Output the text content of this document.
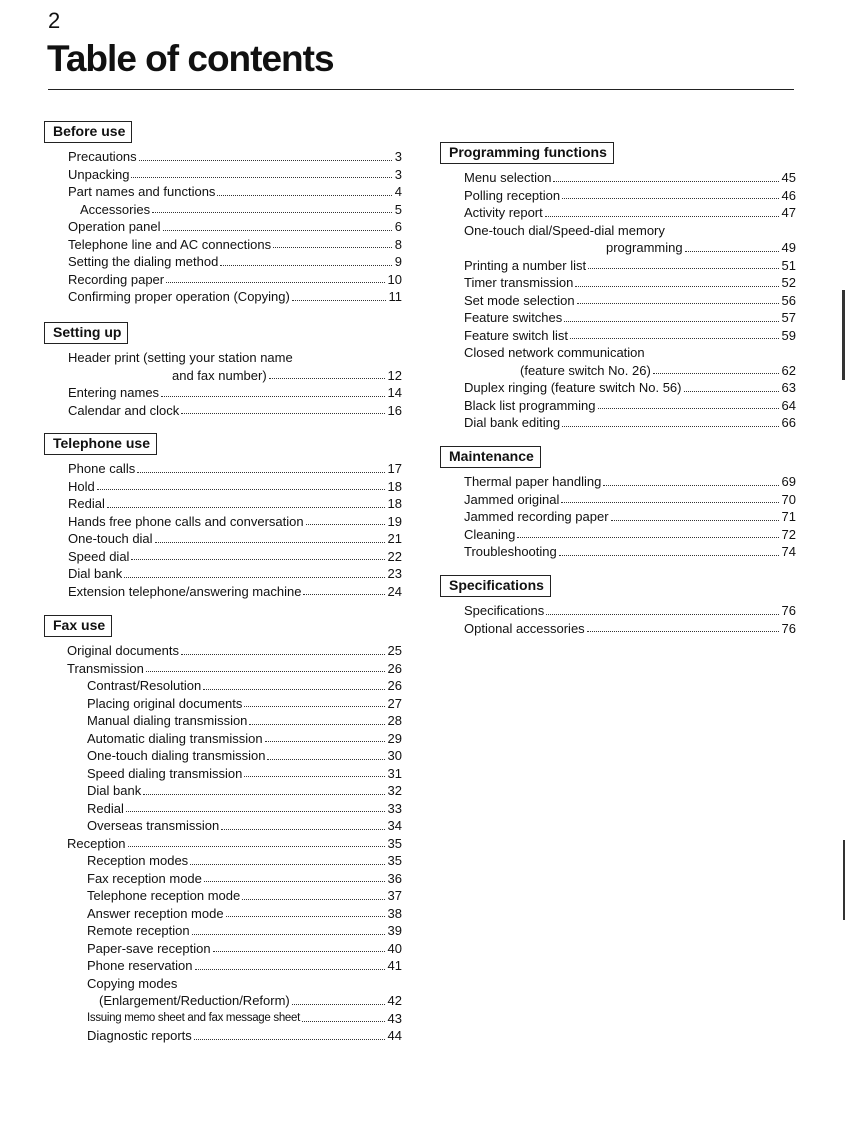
2
Table of contents
Before use
Precautions	3
Unpacking	3
Part names and functions	4
Accessories	5
Operation panel	6
Telephone line and AC connections	8
Setting the dialing method	9
Recording paper	10
Confirming proper operation (Copying)	11
Setting up
Header print (setting your station name
and fax number)	12
Entering names	14
Calendar and clock	16
Telephone use
Phone calls	17
Hold	18
Redial	18
Hands free phone calls and conversation	19
One-touch dial	21
Speed dial	22
Dial bank	23
Extension telephone/answering machine	24
Fax use
Original documents	25
Transmission	26
Contrast/Resolution	26
Placing original documents	27
Manual dialing transmission	28
Automatic dialing transmission	29
One-touch dialing transmission	30
Speed dialing transmission	31
Dial bank	32
Redial	33
Overseas transmission	34
Reception	35
Reception modes	35
Fax reception mode	36
Telephone reception mode	37
Answer reception mode	38
Remote reception	39
Paper-save reception	40
Phone reservation	41
Copying modes
(Enlargement/Reduction/Reform)	42
Issuing memo sheet and fax message sheet	43
Diagnostic reports	44
Programming functions
Menu selection	45
Polling reception	46
Activity report	47
One-touch dial/Speed-dial memory
programming	49
Printing a number list	51
Timer transmission	52
Set mode selection	56
Feature switches	57
Feature switch list	59
Closed network communication
(feature switch No. 26)	62
Duplex ringing (feature switch No. 56)	63
Black list programming	64
Dial bank editing	66
Maintenance
Thermal paper handling	69
Jammed original	70
Jammed recording paper	71
Cleaning	72
Troubleshooting	74
Specifications
Specifications	76
Optional accessories	76
